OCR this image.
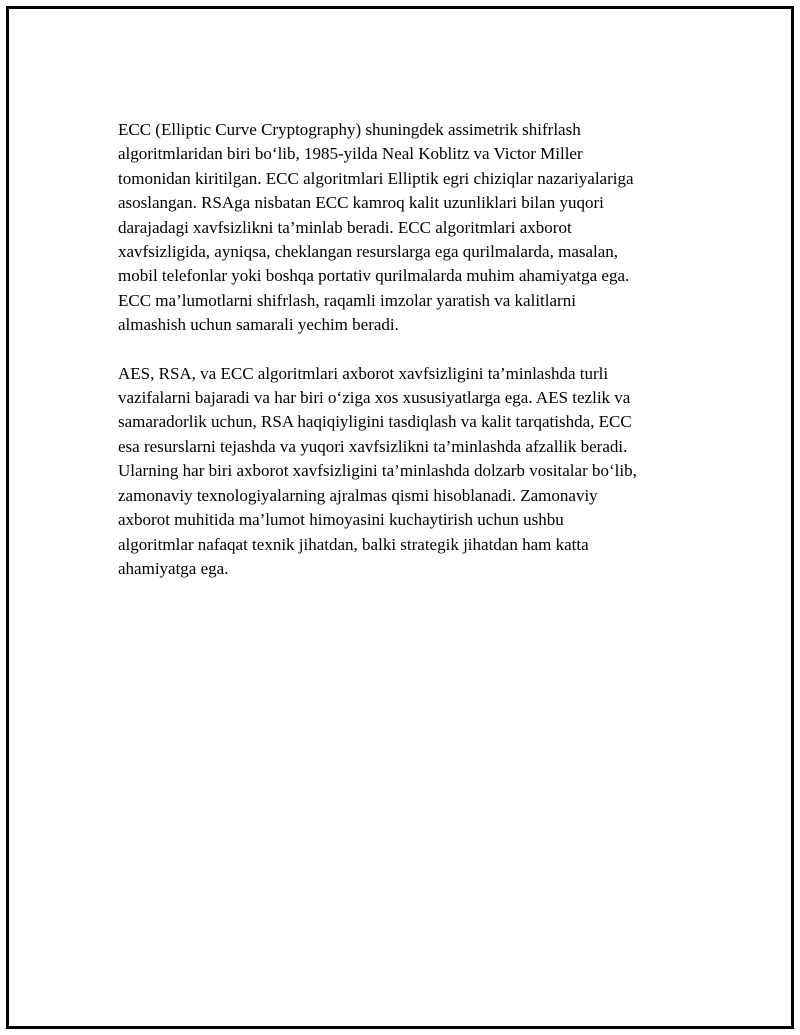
ECC (Elliptic Curve Cryptography) shuningdek assimetrik shifrlash
algoritmlaridan biri bo‘lib, 1985-yilda Neal Koblitz va Victor Miller
tomonidan kiritilgan. ECC algoritmlari Elliptik egri chiziqlar nazariyalariga
asoslangan. RSAga nisbatan ECC kamroq kalit uzunliklari bilan yuqori
darajadagi xavfsizlikni ta’minlab beradi. ECC algoritmlari axborot
xavfsizligida, ayniqsa, cheklangan resurslarga ega qurilmalarda, masalan,
mobil telefonlar yoki boshqa portativ qurilmalarda muhim ahamiyatga ega.
ECC ma’lumotlarni shifrlash, raqamli imzolar yaratish va kalitlarni
almashish uchun samarali yechim beradi.

AES, RSA, va ECC algoritmlari axborot xavfsizligini ta’minlashda turli
vazifalarni bajaradi va har biri o‘ziga xos xususiyatlarga ega. AES tezlik va
samaradorlik uchun, RSA haqiqiyligini tasdiqlash va kalit tarqatishda, ECC
esa resurslarni tejashda va yuqori xavfsizlikni ta’minlashda afzallik beradi.
Ularning har biri axborot xavfsizligini ta’minlashda dolzarb vositalar bo‘lib,
zamonaviy texnologiyalarning ajralmas qismi hisoblanadi. Zamonaviy
axborot muhitida ma’lumot himoyasini kuchaytirish uchun ushbu
algoritmlar nafaqat texnik jihatdan, balki strategik jihatdan ham katta
ahamiyatga ega.
